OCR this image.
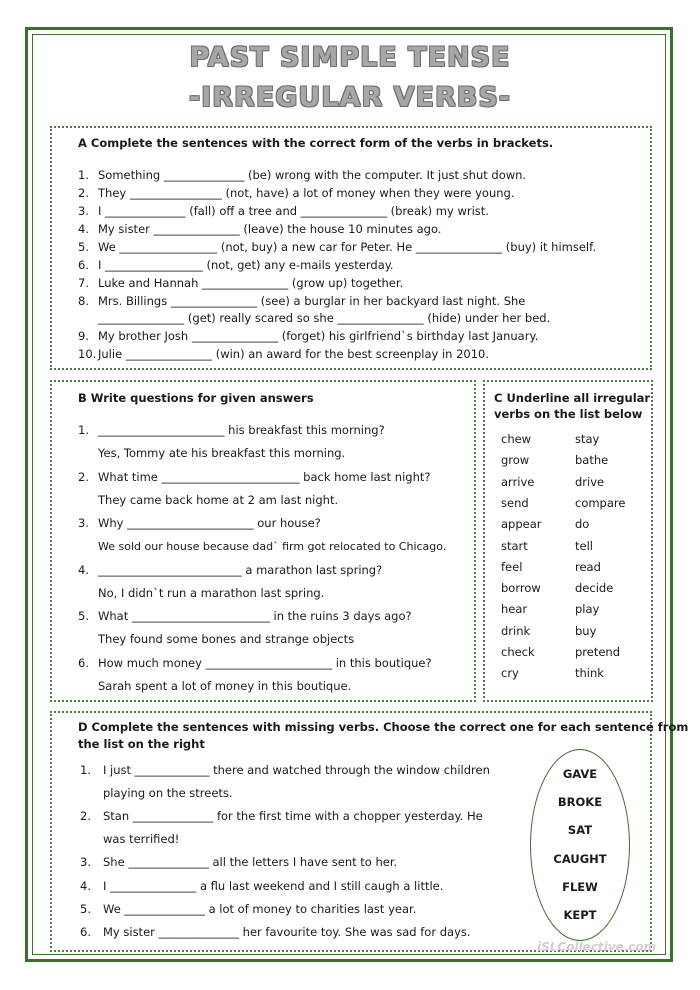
PAST SIMPLE TENSE
-IRREGULAR VERBS-
A Complete the sentences with the correct form of the verbs in brackets.
1. Something ______________ (be) wrong with the computer. It just shut down.
2. They ________________ (not, have) a lot of money when they were young.
3. I ______________ (fall) off a tree and _______________ (break) my wrist.
4. My sister _______________ (leave) the house 10 minutes ago.
5. We _________________ (not, buy) a new car for Peter. He _______________ (buy) it himself.
6. I _________________ (not, get) any e-mails yesterday.
7. Luke and Hannah _______________ (grow up) together.
8. Mrs. Billings _______________ (see) a burglar in her backyard last night. She
_______________ (get) really scared so she _______________ (hide) under her bed.
9. My brother Josh _______________ (forget) his girlfriend`s birthday last January.
10. Julie _______________ (win) an award for the best screenplay in 2010.
B Write questions for given answers
1. ______________________ his breakfast this morning?
Yes, Tommy ate his breakfast this morning.
2. What time ________________________ back home last night?
They came back home at 2 am last night.
3. Why ______________________ our house?
We sold our house because dad` firm got relocated to Chicago.
4. _________________________ a marathon last spring?
No, I didn`t run a marathon last spring.
5. What ________________________ in the ruins 3 days ago?
They found some bones and strange objects
6. How much money ______________________ in this boutique?
Sarah spent a lot of money in this boutique.
C Underline all irregular
verbs on the list below
chew
grow
arrive
send
appear
start
feel
borrow
hear
drink
check
cry
stay
bathe
drive
compare
do
tell
read
decide
play
buy
pretend
think
D Complete the sentences with missing verbs. Choose the correct one for each sentence from
the list on the right
1. I just _____________ there and watched through the window children
playing on the streets.
2. Stan ______________ for the first time with a chopper yesterday. He
was terrified!
3. She ______________ all the letters I have sent to her.
4. I _______________ a flu last weekend and I still caugh a little.
5. We ______________ a lot of money to charities last year.
6. My sister ______________ her favourite toy. She was sad for days.
GAVE
BROKE
SAT
CAUGHT
FLEW
KEPT
iSLCollective.com
